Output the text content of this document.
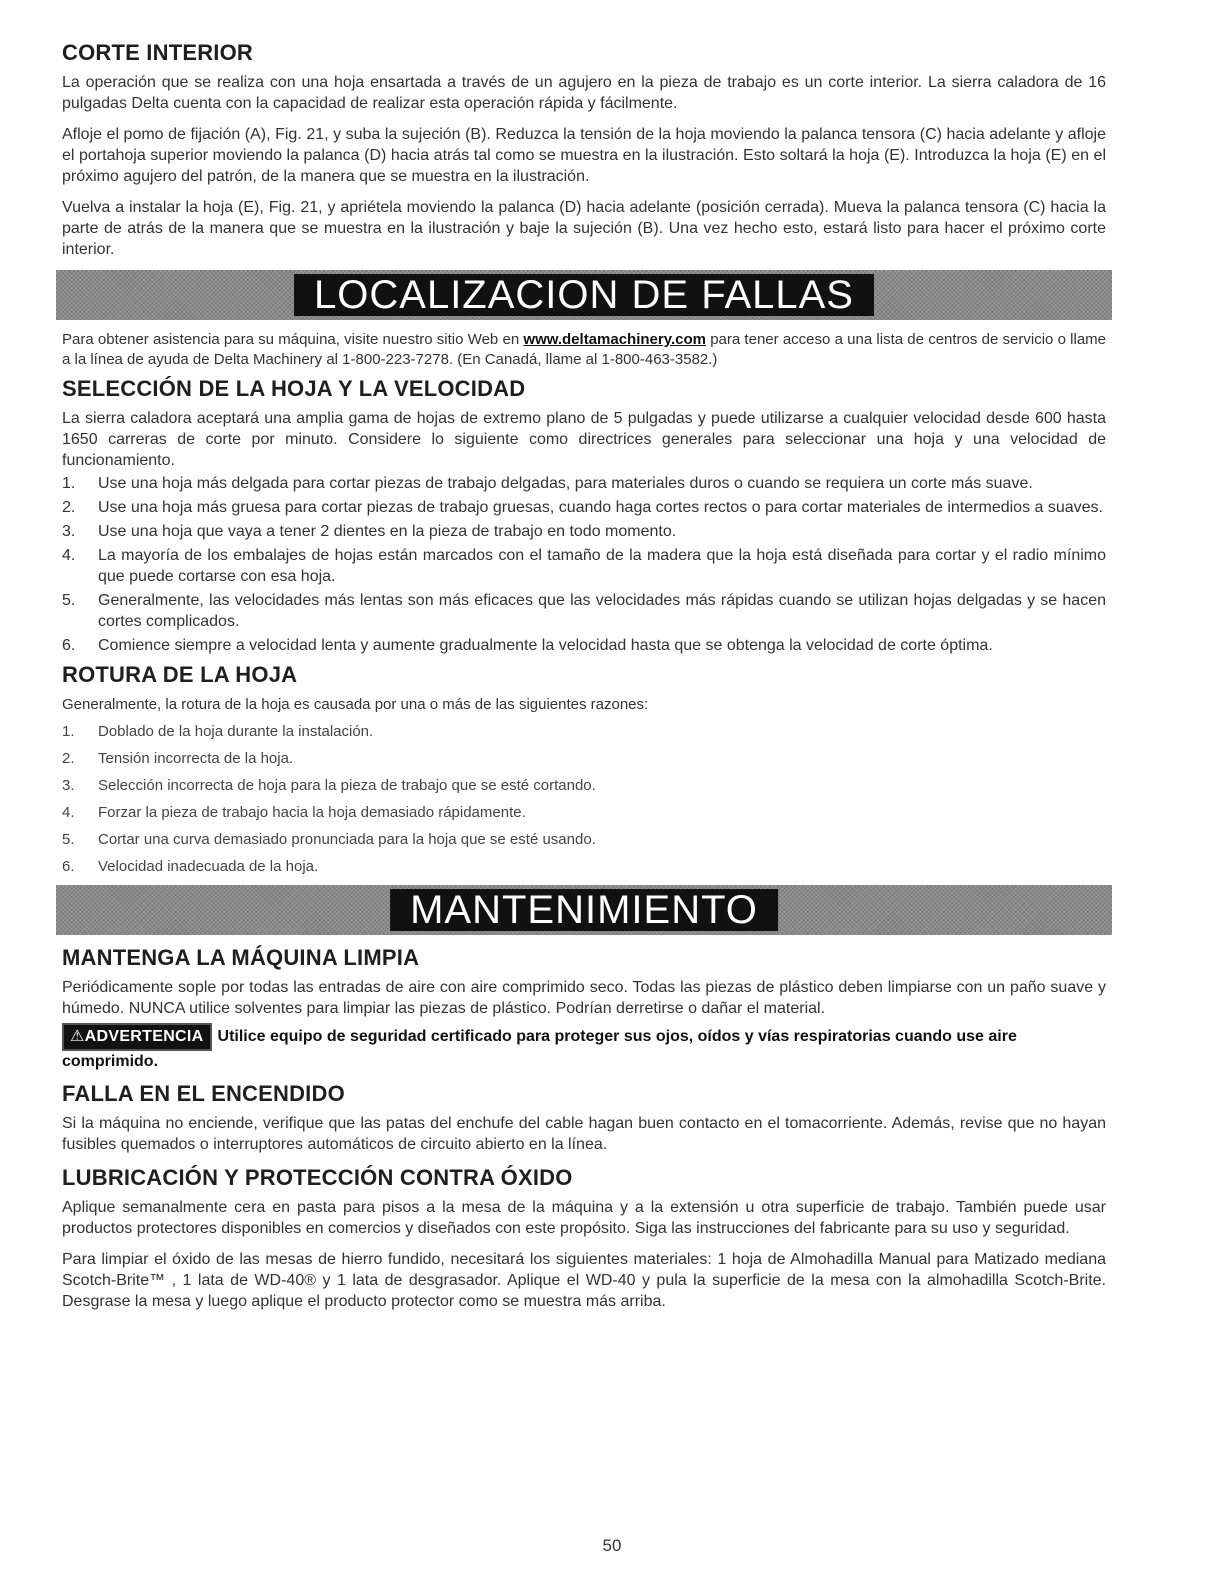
CORTE INTERIOR

La operación que se realiza con una hoja ensartada a través de un agujero en la pieza de trabajo es un corte interior. La sierra caladora de 16 pulgadas Delta cuenta con la capacidad de realizar esta operación rápida y fácilmente.

Afloje el pomo de fijación (A), Fig. 21, y suba la sujeción (B). Reduzca la tensión de la hoja moviendo la palanca tensora (C) hacia adelante y afloje el portahoja superior moviendo la palanca (D) hacia atrás tal como se muestra en la ilustración. Esto soltará la hoja (E). Introduzca la hoja (E) en el próximo agujero del patrón, de la manera que se muestra en la ilustración.

Vuelva a instalar la hoja (E), Fig. 21, y apriétela moviendo la palanca (D) hacia adelante (posición cerrada). Mueva la palanca tensora (C) hacia la parte de atrás de la manera que se muestra en la ilustración y baje la sujeción (B). Una vez hecho esto, estará listo para hacer el próximo corte interior.

LOCALIZACION DE FALLAS

Para obtener asistencia para su máquina, visite nuestro sitio Web en www.deltamachinery.com para tener acceso a una lista de centros de servicio o llame a la línea de ayuda de Delta Machinery al 1-800-223-7278. (En Canadá, llame al 1-800-463-3582.)

SELECCIÓN DE LA HOJA Y LA VELOCIDAD

La sierra caladora aceptará una amplia gama de hojas de extremo plano de 5 pulgadas y puede utilizarse a cualquier velocidad desde 600 hasta 1650 carreras de corte por minuto. Considere lo siguiente como directrices generales para seleccionar una hoja y una velocidad de funcionamiento.

1. Use una hoja más delgada para cortar piezas de trabajo delgadas, para materiales duros o cuando se requiera un corte más suave.
2. Use una hoja más gruesa para cortar piezas de trabajo gruesas, cuando haga cortes rectos o para cortar materiales de intermedios a suaves.
3. Use una hoja que vaya a tener 2 dientes en la pieza de trabajo en todo momento.
4. La mayoría de los embalajes de hojas están marcados con el tamaño de la madera que la hoja está diseñada para cortar y el radio mínimo que puede cortarse con esa hoja.
5. Generalmente, las velocidades más lentas son más eficaces que las velocidades más rápidas cuando se utilizan hojas delgadas y se hacen cortes complicados.
6. Comience siempre a velocidad lenta y aumente gradualmente la velocidad hasta que se obtenga la velocidad de corte óptima.
ROTURA DE LA HOJA

Generalmente, la rotura de la hoja es causada por una o más de las siguientes razones:

1. Doblado de la hoja durante la instalación.
2. Tensión incorrecta de la hoja.
3. Selección incorrecta de hoja para la pieza de trabajo que se esté cortando.
4. Forzar la pieza de trabajo hacia la hoja demasiado rápidamente.
5. Cortar una curva demasiado pronunciada para la hoja que se esté usando.
6. Velocidad inadecuada de la hoja.
MANTENIMIENTO
MANTENGA LA MÁQUINA LIMPIA

Periódicamente sople por todas las entradas de aire con aire comprimido seco. Todas las piezas de plástico deben limpiarse con un paño suave y húmedo. NUNCA utilice solventes para limpiar las piezas de plástico. Podrían derretirse o dañar el material.

⚠ADVERTENCIA Utilice equipo de seguridad certificado para proteger sus ojos, oídos y vías respiratorias cuando use aire comprimido.
FALLA EN EL ENCENDIDO

Si la máquina no enciende, verifique que las patas del enchufe del cable hagan buen contacto en el tomacorriente. Además, revise que no hayan fusibles quemados o interruptores automáticos de circuito abierto en la línea.

LUBRICACIÓN Y PROTECCIÓN CONTRA ÓXIDO

Aplique semanalmente cera en pasta para pisos a la mesa de la máquina y a la extensión u otra superficie de trabajo. También puede usar productos protectores disponibles en comercios y diseñados con este propósito. Siga las instrucciones del fabricante para su uso y seguridad.

Para limpiar el óxido de las mesas de hierro fundido, necesitará los siguientes materiales: 1 hoja de Almohadilla Manual para Matizado mediana Scotch-Brite™ , 1 lata de WD-40® y 1 lata de desgrasador. Aplique el WD-40 y pula la superficie de la mesa con la almohadilla Scotch-Brite. Desgrase la mesa y luego aplique el producto protector como se muestra más arriba.

50
